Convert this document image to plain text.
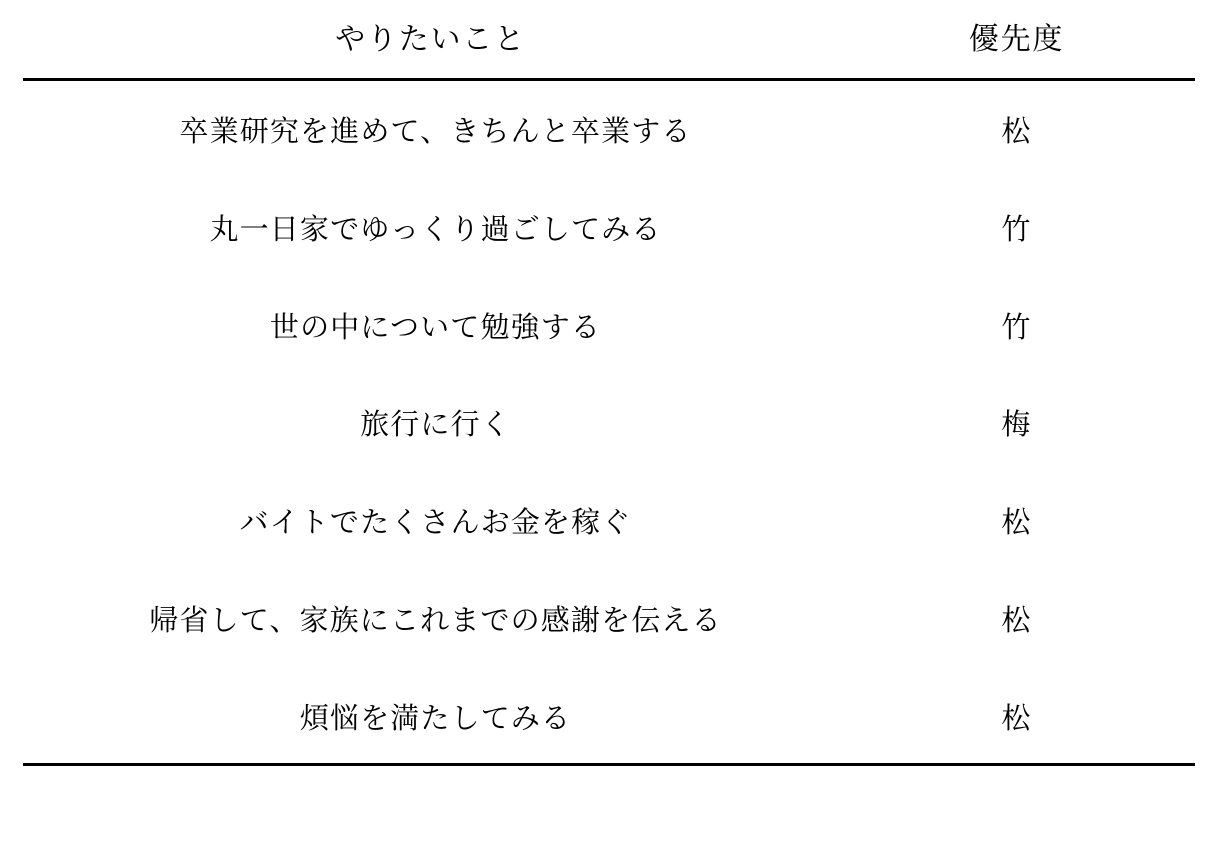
やりたいこと	優先度
卒業研究を進めて、きちんと卒業する	松
丸一日家でゆっくり過ごしてみる	竹
世の中について勉強する	竹
旅行に行く	梅
バイトでたくさんお金を稼ぐ	松
帰省して、家族にこれまでの感謝を伝える	松
煩悩を満たしてみる	松
